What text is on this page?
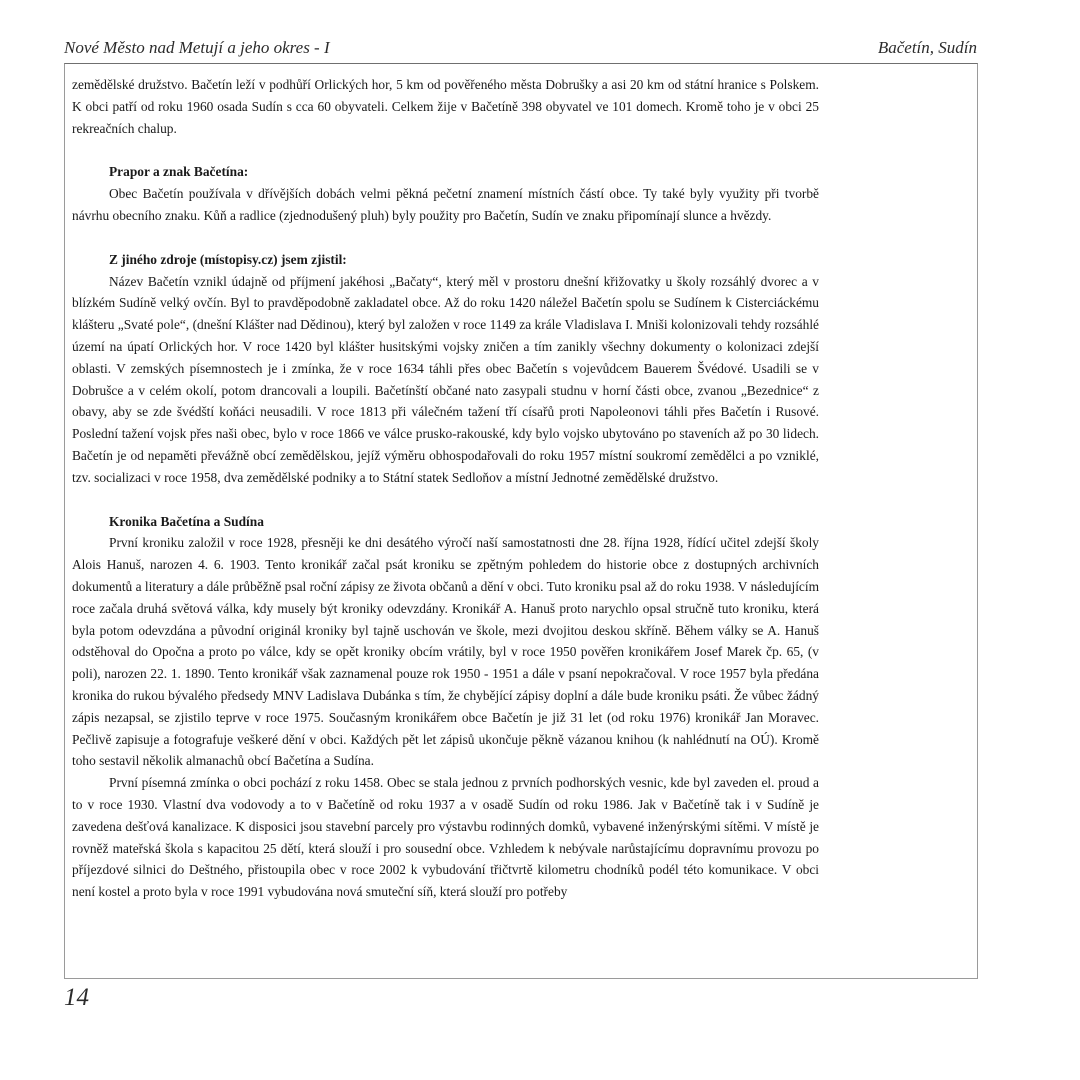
Nové Město nad Metují a jeho okres - I	Bačetín, Sudín

zemědělské družstvo. Bačetín leží v podhůří Orlických hor, 5 km od pověřeného města Dobrušky a asi 20 km od státní hranice s Polskem. K obci patří od roku 1960 osada Sudín s cca 60 obyvateli. Celkem žije v Bačetíně 398 obyvatel ve 101 domech. Kromě toho je v obci 25 rekreačních chalup.

Prapor a znak Bačetína:

Obec Bačetín používala v dřívějších dobách velmi pěkná pečetní znamení místních částí obce. Ty také byly využity při tvorbě návrhu obecního znaku. Kůň a radlice (zjednodušený pluh) byly použity pro Bačetín, Sudín ve znaku připomínají slunce a hvězdy.

Z jiného zdroje (místopisy.cz) jsem zjistil:

Název Bačetín vznikl údajně od příjmení jakéhosi „Bačaty“, který měl v prostoru dnešní křižovatky u školy rozsáhlý dvorec a v blízkém Sudíně velký ovčín. Byl to pravděpodobně zakladatel obce. Až do roku 1420 náležel Bačetín spolu se Sudínem k Cisterciáckému klášteru „Svaté pole“, (dnešní Klášter nad Dědinou), který byl založen v roce 1149 za krále Vladislava I. Mniši kolonizovali tehdy rozsáhlé území na úpatí Orlických hor. V roce 1420 byl klášter husitskými vojsky zničen a tím zanikly všechny dokumenty o kolonizaci zdejší oblasti. V zemských písemnostech je i zmínka, že v roce 1634 táhli přes obec Bačetín s vojevůdcem Bauerem Švédové. Usadili se v Dobrušce a v celém okolí, potom drancovali a loupili. Bačetínští občané nato zasypali studnu v horní části obce, zvanou „Bezednice“ z obavy, aby se zde švédští koňáci neusadili. V roce 1813 při válečném tažení tří císařů proti Napoleonovi táhli přes Bačetín i Rusové. Poslední tažení vojsk přes naši obec, bylo v roce 1866 ve válce prusko-rakouské, kdy bylo vojsko ubytováno po staveních až po 30 lidech. Bačetín je od nepaměti převážně obcí zemědělskou, jejíž výměru obhospodařovali do roku 1957 místní soukromí zemědělci a po vzniklé, tzv. socializaci v roce 1958, dva zemědělské podniky a to Státní statek Sedloňov a místní Jednotné zemědělské družstvo.

Kronika Bačetína a Sudína

První kroniku založil v roce 1928, přesněji ke dni desátého výročí naší samostatnosti dne 28. října 1928, řídící učitel zdejší školy Alois Hanuš, narozen 4. 6. 1903. Tento kronikář začal psát kroniku se zpětným pohledem do historie obce z dostupných archivních dokumentů a literatury a dále průběžně psal roční zápisy ze života občanů a dění v obci. Tuto kroniku psal až do roku 1938. V následujícím roce začala druhá světová válka, kdy musely být kroniky odevzdány. Kronikář A. Hanuš proto narychlo opsal stručně tuto kroniku, která byla potom odevzdána a původní originál kroniky byl tajně uschován ve škole, mezi dvojitou deskou skříně. Během války se A. Hanuš odstěhoval do Opočna a proto po válce, kdy se opět kroniky obcím vrátily, byl v roce 1950 pověřen kronikářem Josef Marek čp. 65, (v poli), narozen 22. 1. 1890. Tento kronikář však zaznamenal pouze rok 1950 - 1951 a dále v psaní nepokračoval. V roce 1957 byla předána kronika do rukou bývalého předsedy MNV Ladislava Dubánka s tím, že chybějící zápisy doplní a dále bude kroniku psáti. Že vůbec žádný zápis nezapsal, se zjistilo teprve v roce 1975. Současným kronikářem obce Bačetín je již 31 let (od roku 1976) kronikář Jan Moravec. Pečlivě zapisuje a fotografuje veškeré dění v obci. Každých pět let zápisů ukončuje pěkně vázanou knihou (k nahlédnutí na OÚ). Kromě toho sestavil několik almanachů obcí Bačetína a Sudína.

První písemná zmínka o obci pochází z roku 1458. Obec se stala jednou z prvních podhorských vesnic, kde byl zaveden el. proud a to v roce 1930. Vlastní dva vodovody a to v Bačetíně od roku 1937 a v osadě Sudín od roku 1986. Jak v Bačetíně tak i v Sudíně je zavedena dešťová kanalizace. K disposici jsou stavební parcely pro výstavbu rodinných domků, vybavené inženýrskými sítěmi. V místě je rovněž mateřská škola s kapacitou 25 dětí, která slouží i pro sousední obce. Vzhledem k nebývale narůstajícímu dopravnímu provozu po příjezdové silnici do Deštného, přistoupila obec v roce 2002 k vybudování třičtvrtě kilometru chodníků podél této komunikace. V obci není kostel a proto byla v roce 1991 vybudována nová smuteční síň, která slouží pro potřeby

14
